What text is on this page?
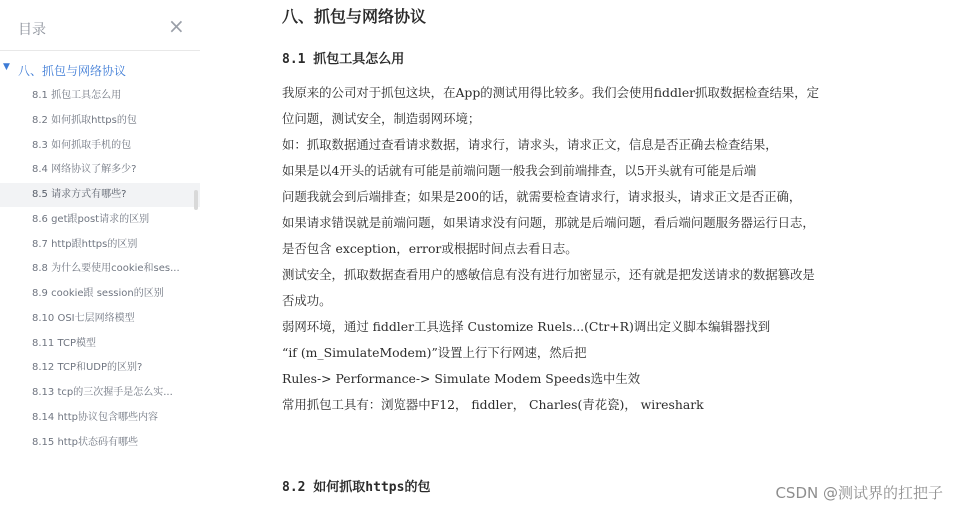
目录	×
▼ 八、抓包与网络协议
8.1 抓包工具怎么用
8.2 如何抓取https的包
8.3 如何抓取手机的包
8.4 网络协议了解多少?
8.5 请求方式有哪些?
8.6 get跟post请求的区别
8.7 http跟https的区别
8.8 为什么要使用cookie和ses...
8.9 cookie跟 session的区别
8.10 OSI七层网络模型
8.11 TCP模型
8.12 TCP和UDP的区别?
8.13 tcp的三次握手是怎么实...
8.14 http协议包含哪些内容
8.15 http状态码有哪些
八、抓包与网络协议
8.1 抓包工具怎么用
我原来的公司对于抓包这块，在App的测试用得比较多。我们会使用fiddler抓取数据检查结果，定
位问题，测试安全，制造弱网环境；
如：抓取数据通过查看请求数据，请求行，请求头，请求正文，信息是否正确去检查结果，
如果是以4开头的话就有可能是前端问题一般我会到前端排查，以5开头就有可能是后端
问题我就会到后端排查；如果是200的话，就需要检查请求行，请求报头，请求正文是否正确，
如果请求错误就是前端问题，如果请求没有问题，那就是后端问题，看后端问题服务器运行日志，
是否包含 exception，error或根据时间点去看日志。
测试安全，抓取数据查看用户的感敏信息有没有进行加密显示，还有就是把发送请求的数据篡改是
否成功。
弱网环境，通过 fiddler工具选择 Customize Ruels...(Ctr+R)调出定义脚本编辑器找到
“if (m_SimulateModem)”设置上行下行网速，然后把
Rules-> Performance-> Simulate Modem Speeds选中生效
常用抓包工具有：浏览器中F12， fiddler， Charles(青花瓷)， wireshark
8.2 如何抓取https的包	CSDN @测试界的扛把子
